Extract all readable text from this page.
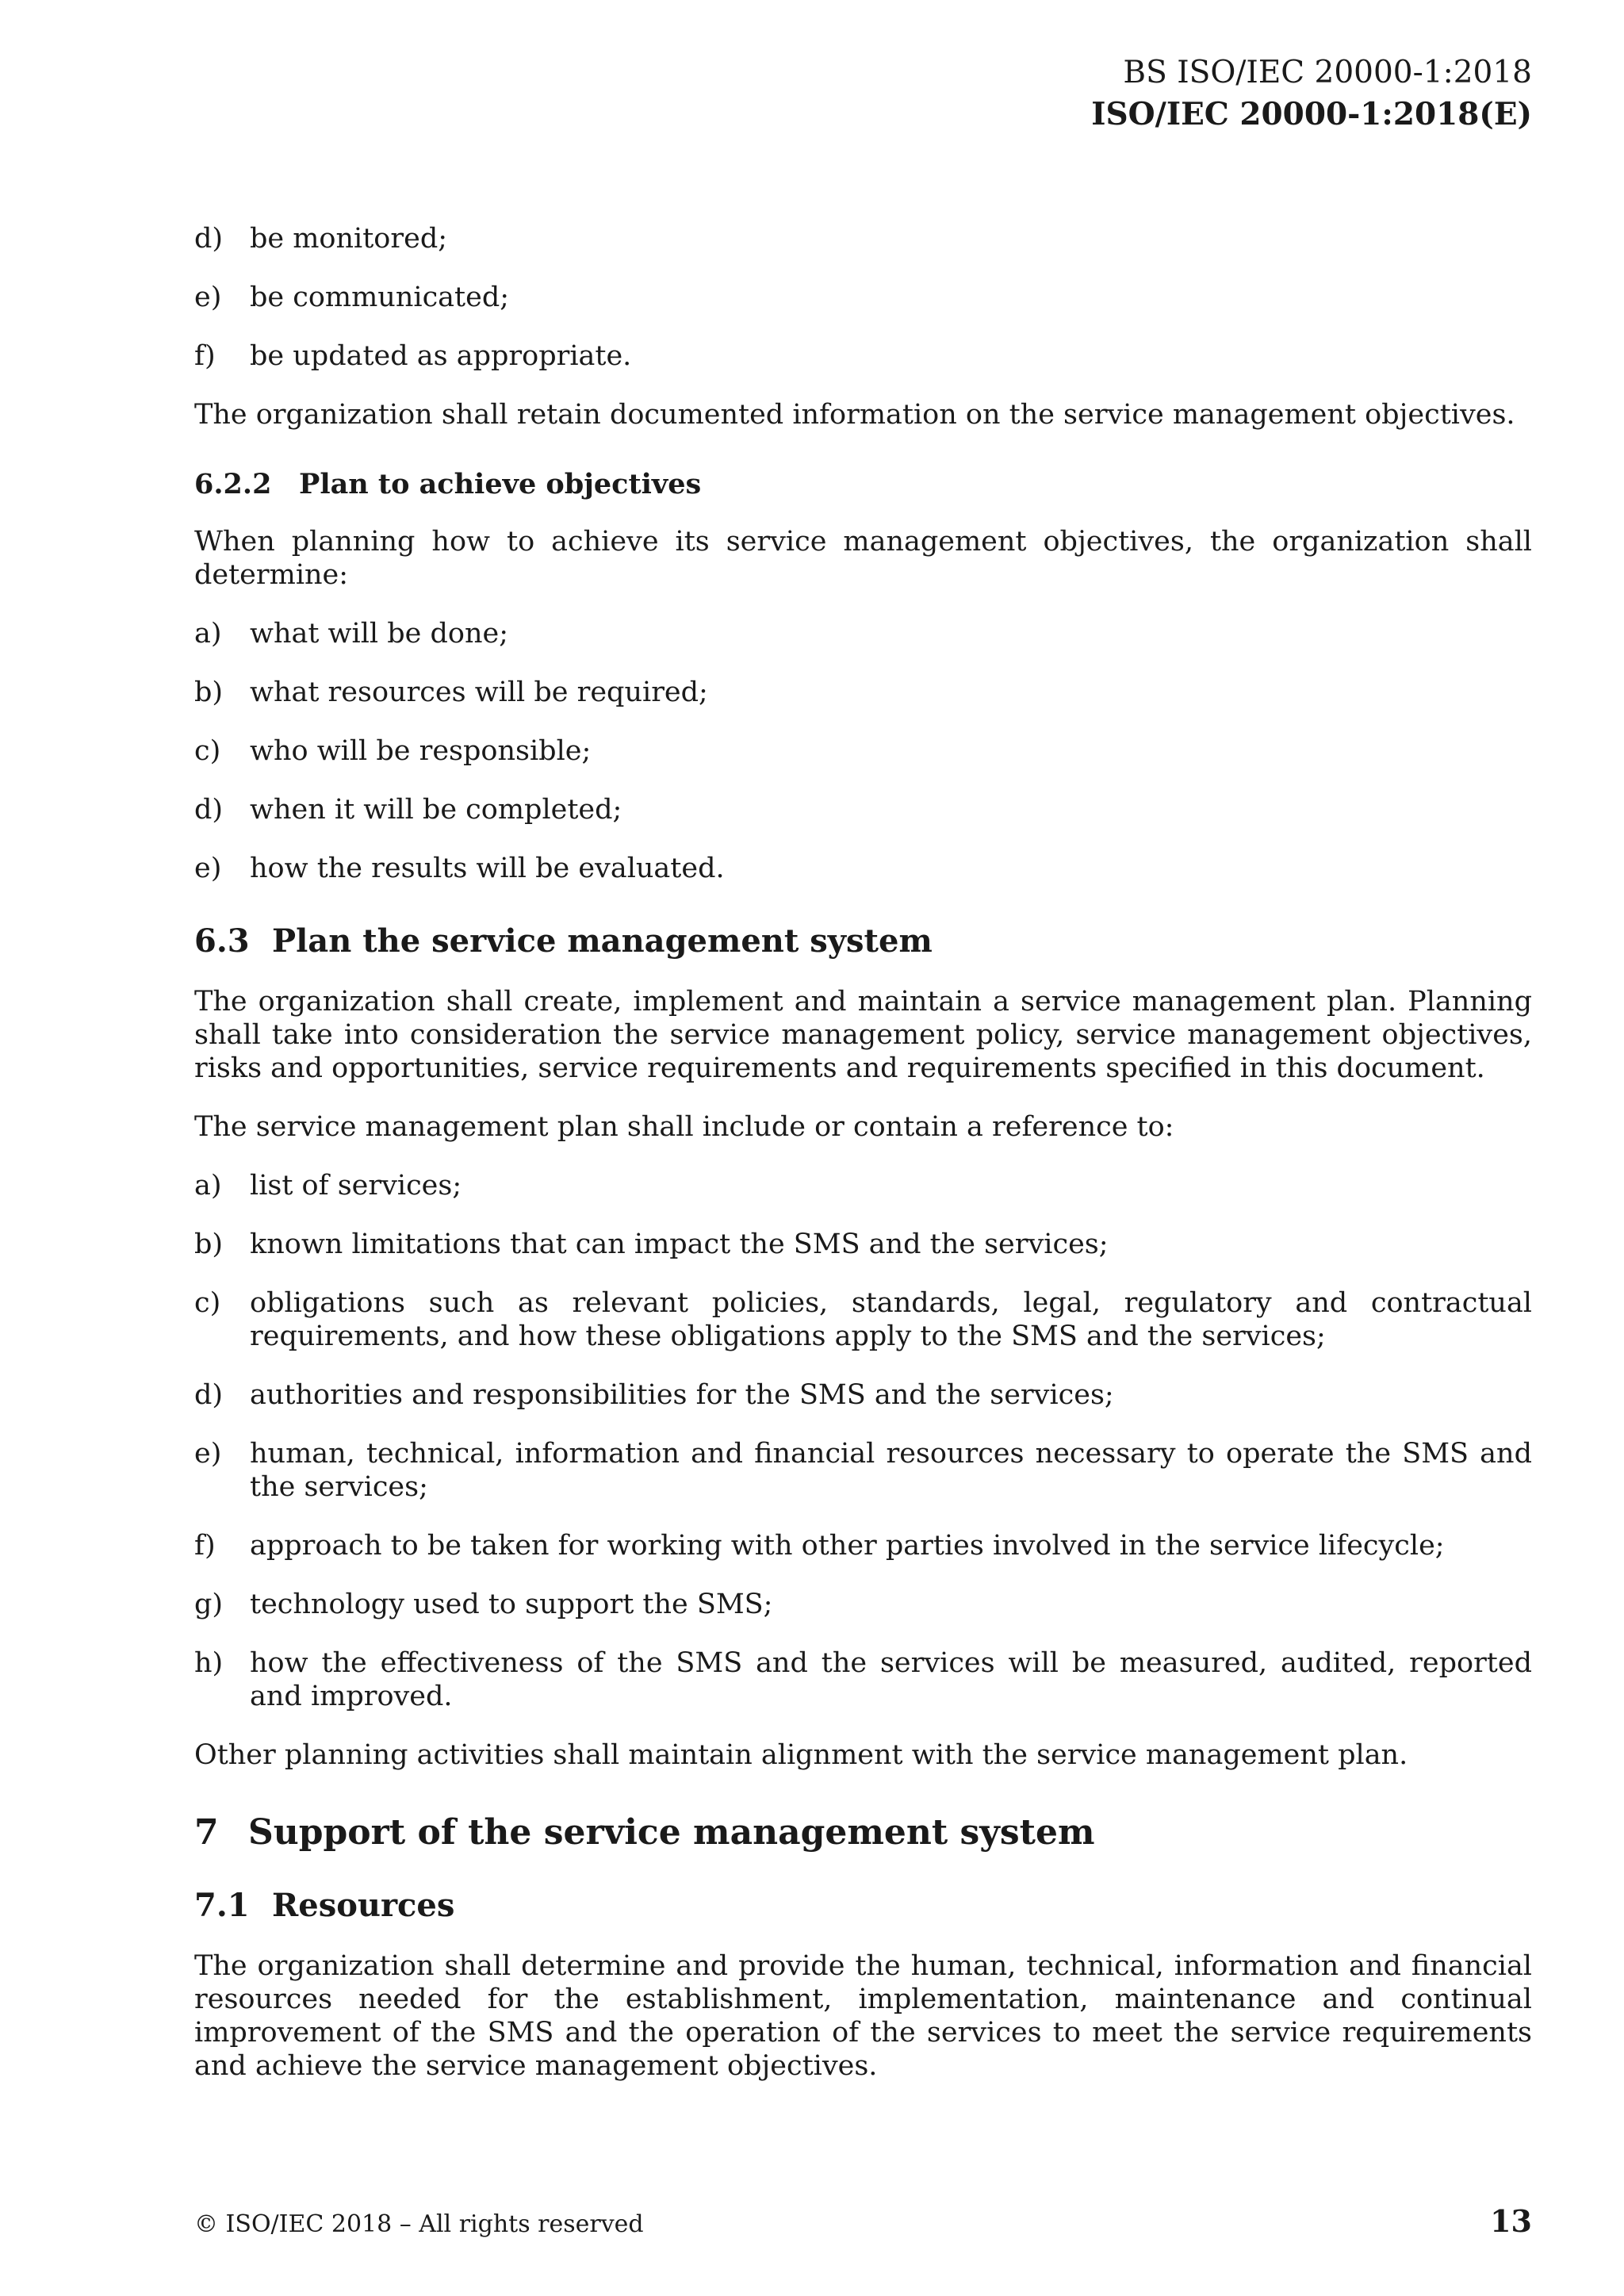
BS ISO/IEC 20000-1:2018
ISO/IEC 20000-1:2018(E)
d) be monitored;
e)	be communicated;
f)	be updated as appropriate.

The organization shall retain documented information on the service management objectives.

6.2.2 Plan to achieve objectives

When planning how to achieve its service management objectives, the organization shall determine:

a)	what will be done;
b) what resources will be required;
c)	who will be responsible;
d) when it will be completed;
e)	how the results will be evaluated.
6.3 Plan the service management system

The organization shall create, implement and maintain a service management plan. Planning shall take into consideration the service management policy, service management objectives, risks and opportunities, service requirements and requirements specified in this document.

The service management plan shall include or contain a reference to:

a)	list of services;
b) known limitations that can impact the SMS and the services;
c)	obligations such as relevant policies, standards, legal, regulatory and contractual requirements, and how these obligations apply to the SMS and the services;
d) authorities and responsibilities for the SMS and the services;
e)	human, technical, information and financial resources necessary to operate the SMS and the services;
f)	approach to be taken for working with other parties involved in the service lifecycle;
g) technology used to support the SMS;
h) how the effectiveness of the SMS and the services will be measured, audited, reported and improved.

Other planning activities shall maintain alignment with the service management plan.

7 Support of the service management system
7.1 Resources

The organization shall determine and provide the human, technical, information and financial resources needed for the establishment, implementation, maintenance and continual improvement of the SMS and the operation of the services to meet the service requirements and achieve the service management objectives.

© ISO/IEC 2018 – All rights reserved	13
